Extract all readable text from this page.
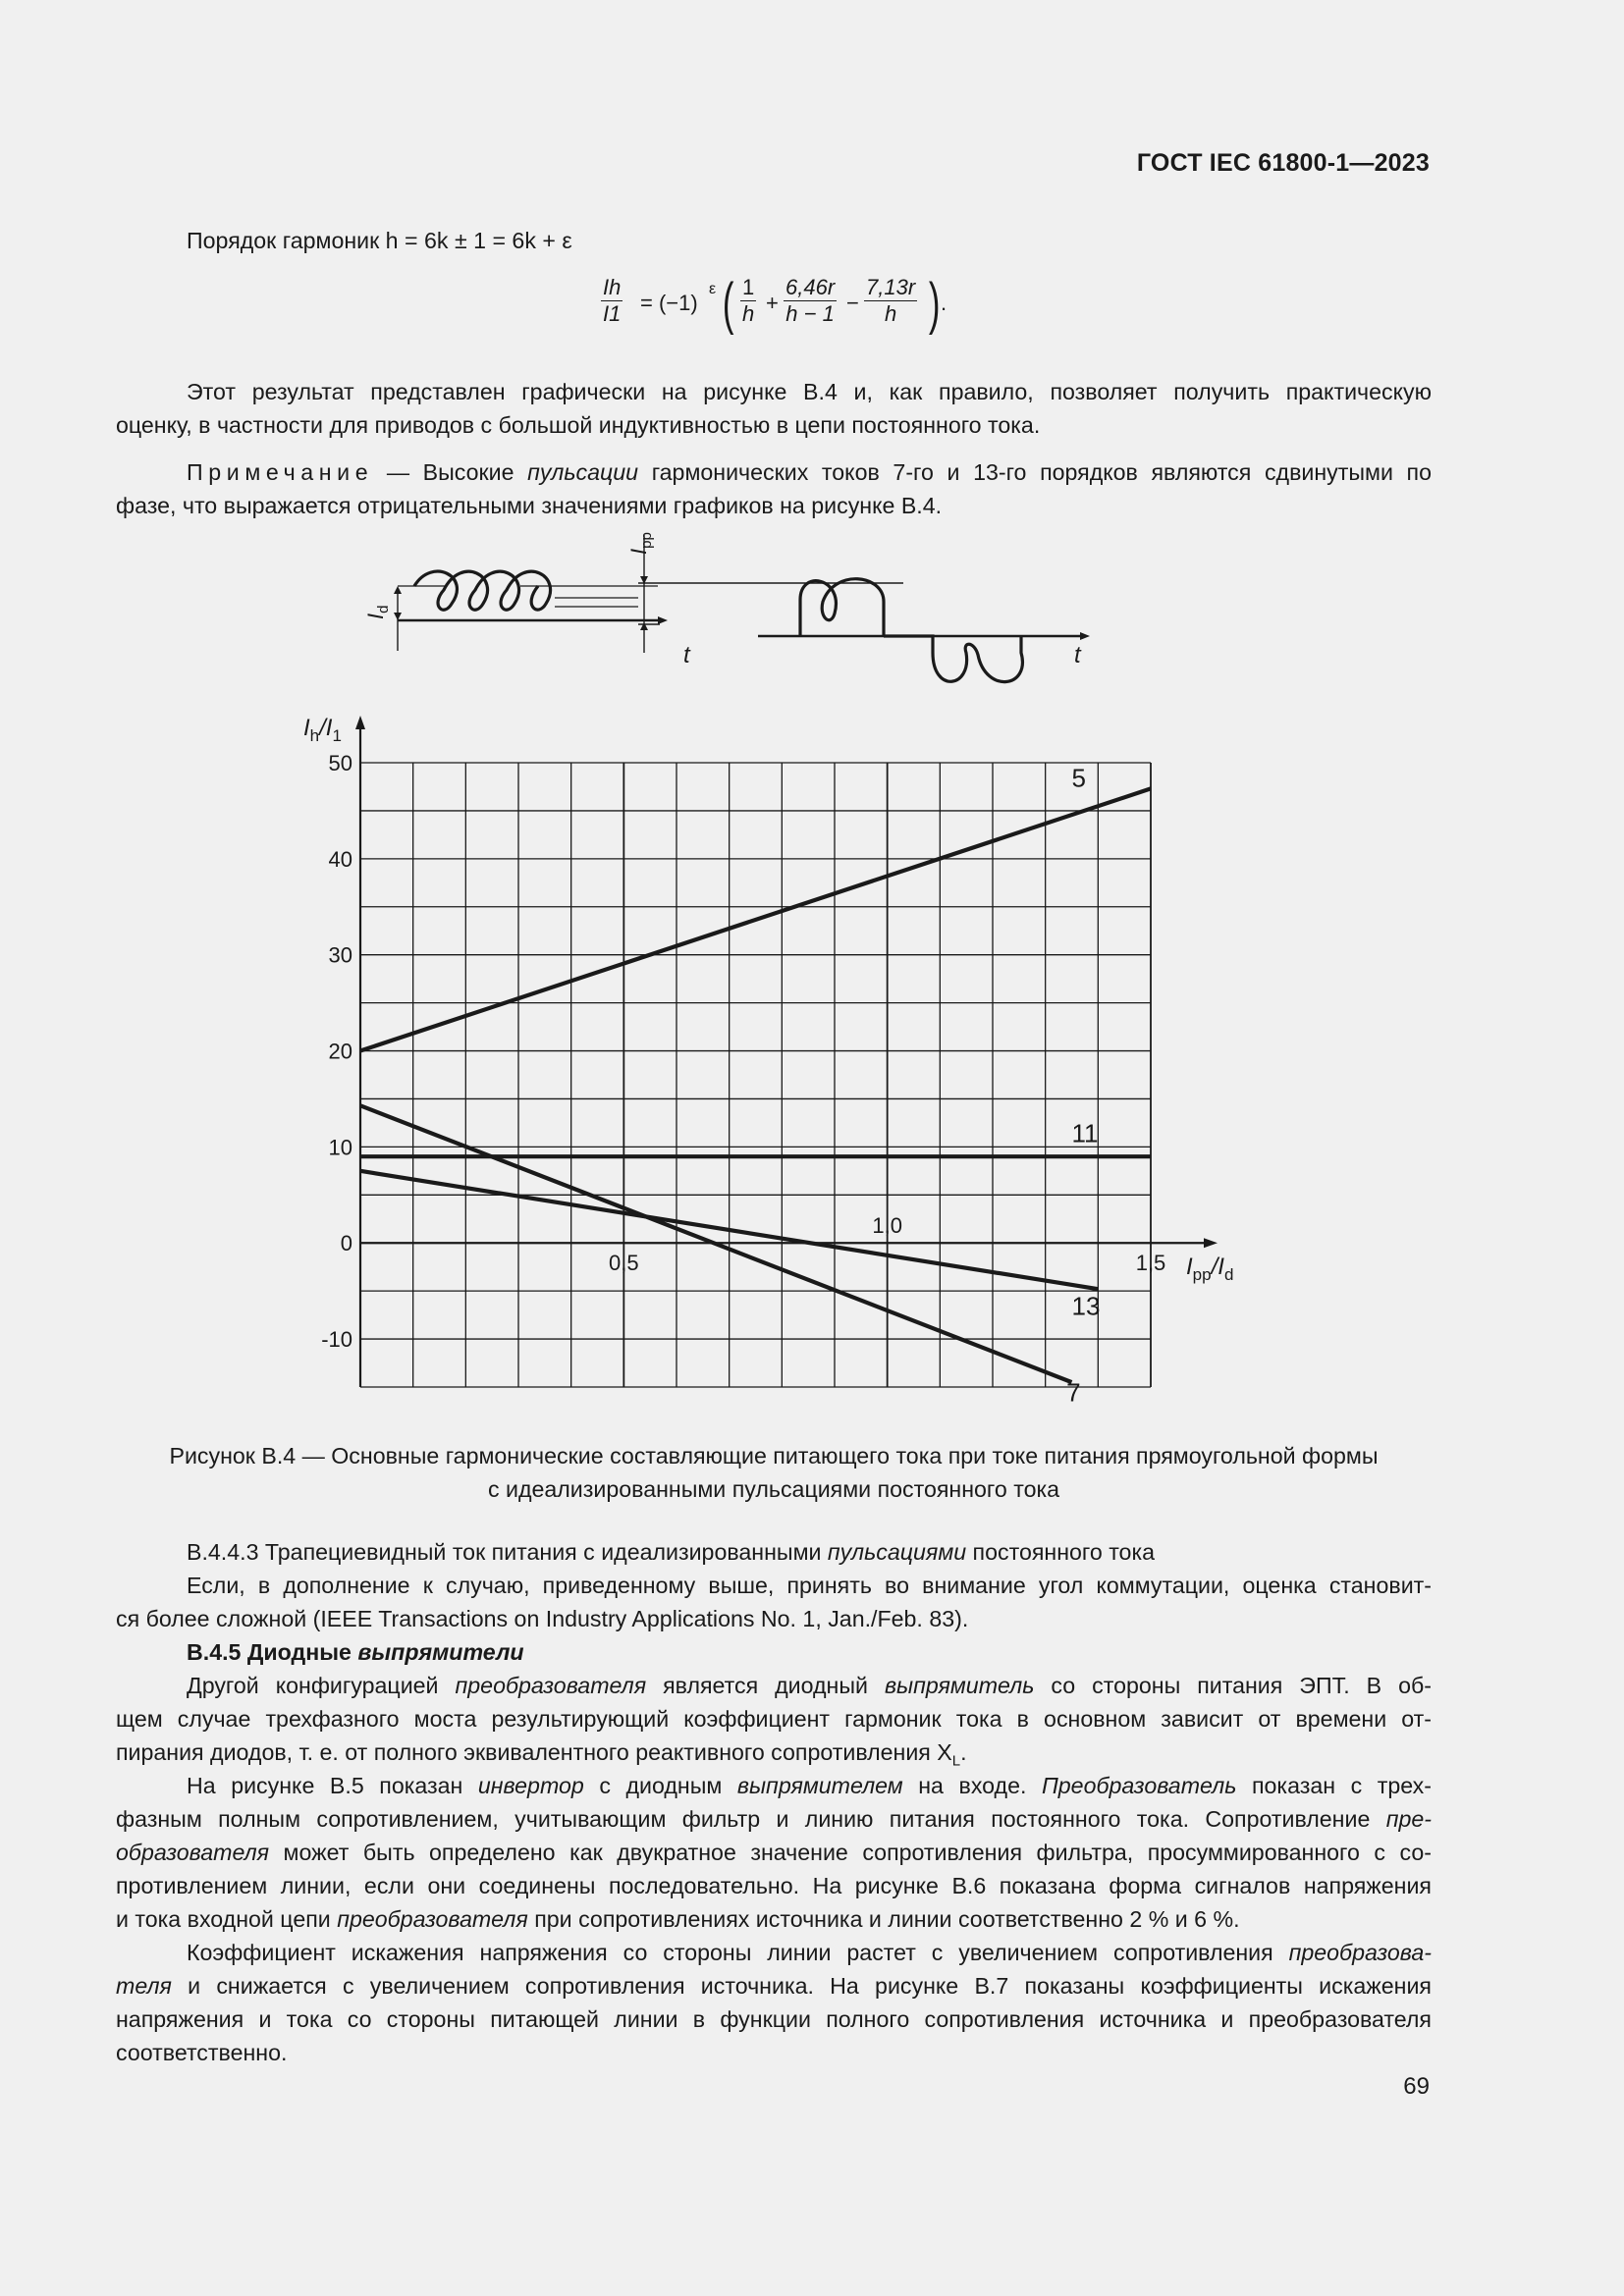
ГОСТ IEC 61800-1—2023
Порядок гармоник h = 6k ± 1 = 6k + ε
$\frac{Ih}{I1} = (-1)$
ε ( $\frac{1}{h} + \frac{6,46r}{h - 1} - \frac{7,13r}{h}$ ) .
Этот результат представлен графически на рисунке В.4 и, как правило, позволяет получить практическую
оценку, в частности для приводов с большой индуктивностью в цепи постоянного тока.
Примечание — Высокие пульсации гармонических токов 7-го и 13-го порядков являются сдвинутыми по
фазе, что выражается отрицательными значениями графиков на рисунке В.4.
$I_d$
$I_{pp}$
t	t
50
40
30
20
10
0
-10
0,5
1,0
1,5
$I_h/I_1$
$I_{pp}/I_d$
5
11
13
7
Рисунок В.4 — Основные гармонические составляющие питающего тока при токе питания прямоугольной формы
с идеализированными пульсациями постоянного тока
В.4.4.3 Трапециевидный ток питания с идеализированными пульсациями постоянного тока
Если, в дополнение к случаю, приведенному выше, принять во внимание угол коммутации, оценка становит-
ся более сложной (IEEE Transactions on Industry Applications No. 1, Jan./Feb. 83).
В.4.5 Диодные выпрямители
Другой конфигурацией преобразователя является диодный выпрямитель со стороны питания ЭПТ. В об-
щем случае трехфазного моста результирующий коэффициент гармоник тока в основном зависит от времени от-
пирания диодов, т. е. от полного эквивалентного реактивного сопротивления $X_L$.
На рисунке В.5 показан инвертор с диодным выпрямителем на входе. Преобразователь показан с трех-
фазным полным сопротивлением, учитывающим фильтр и линию питания постоянного тока. Сопротивление пре-
образователя может быть определено как двукратное значение сопротивления фильтра, просуммированного с со-
противлением линии, если они соединены последовательно. На рисунке В.6 показана форма сигналов напряжения
и тока входной цепи преобразователя при сопротивлениях источника и линии соответственно 2 % и 6 %.
Коэффициент искажения напряжения со стороны линии растет с увеличением сопротивления преобразова-
теля и снижается с увеличением сопротивления источника. На рисунке В.7 показаны коэффициенты искажения
напряжения и тока со стороны питающей линии в функции полного сопротивления источника и преобразователя
соответственно.
69
